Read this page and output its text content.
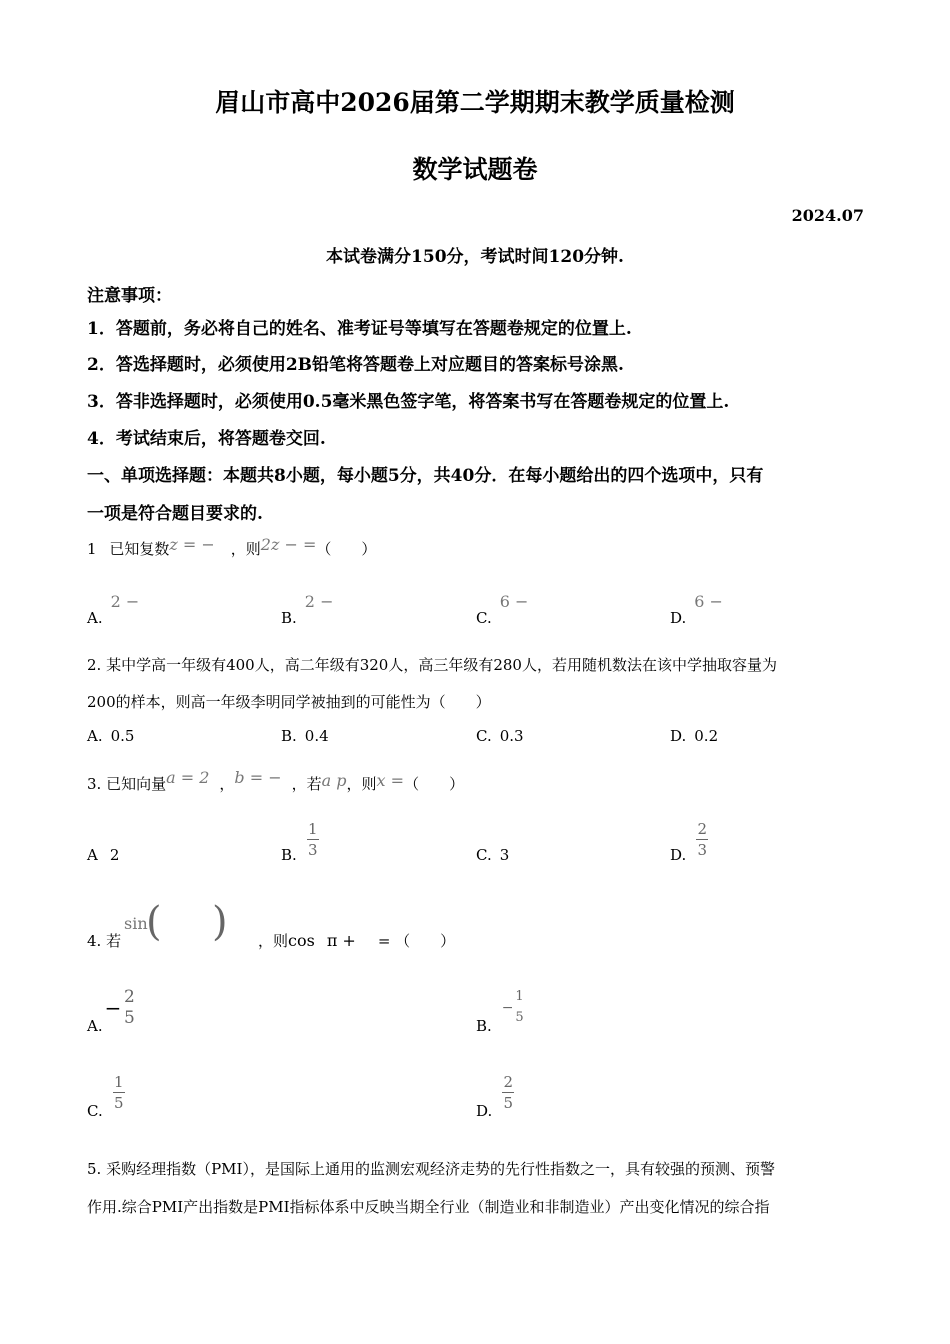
眉山市高中2026届第二学期期末教学质量检测
数学试题卷
2024.07
本试卷满分150分，考试时间120分钟.
注意事项：
1．答题前，务必将自己的姓名、准考证号等填写在答题卷规定的位置上.
2．答选择题时，必须使用2B铅笔将答题卷上对应题目的答案标号涂黑.
3．答非选择题时，必须使用0.5毫米黑色签字笔，将答案书写在答题卷规定的位置上.
4．考试结束后，将答题卷交回.
一、单项选择题：本题共8小题，每小题5分，共40分．在每小题给出的四个选项中，只有
一项是符合题目要求的.
1 已知复数z = − ，则2z − =（　　）
A.2 −
B.2 −
C.6 −
D.6 −
2. 某中学高一年级有400人，高二年级有320人，高三年级有280人，若用随机数法在该中学抽取容量为
200的样本，则高一年级李明同学被抽到的可能性为（　　）
A. 0.5	B. 0.4	C. 0.3	D. 0.2
3. 已知向量a = 2 ，b = − ，若a p，则x =（　　）
A 2	B. $\frac{1}{3}$	C. 3	D. $\frac{2}{3}$
4. 若
sin
( ) ，则cos π + = （　　）
A.
− $\frac{2}{5}$	B.
− $\frac{1}{5}$
C. $\frac{1}{5}$	D. $\frac{2}{5}$
5. 采购经理指数（PMI），是国际上通用的监测宏观经济走势的先行性指数之一，具有较强的预测、预警
作用.综合PMI产出指数是PMI指标体系中反映当期全行业（制造业和非制造业）产出变化情况的综合指
